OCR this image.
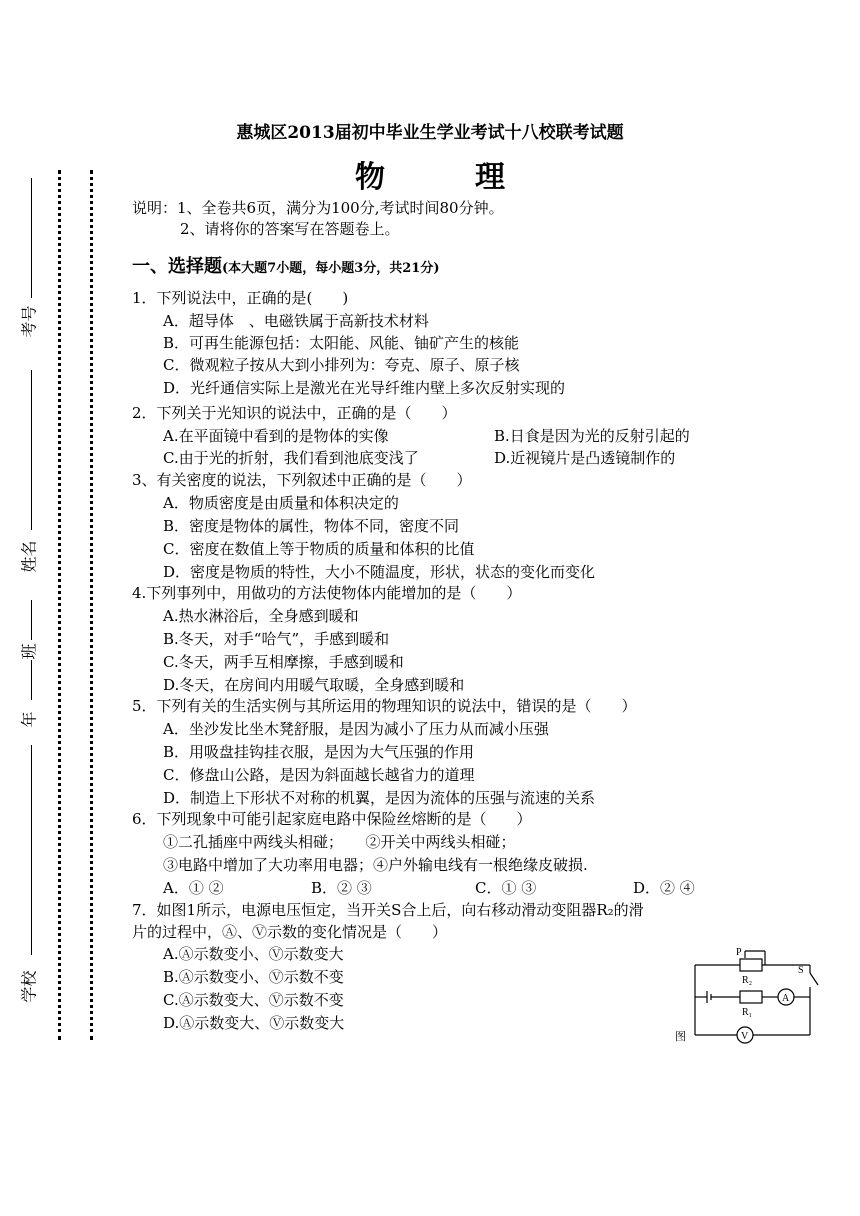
考号
姓名
班
年
学校
惠城区2013届初中毕业生学业考试十八校联考试题
物理
说明：1、全卷共6页，满分为100分,考试时间80分钟。
2、请将你的答案写在答题卷上。
一、选择题(本大题7小题，每小题3分，共21分)
1．下列说法中，正确的是(　　)
A．超导体　、电磁铁属于高新技术材料
B．可再生能源包括：太阳能、风能、铀矿产生的核能
C．微观粒子按从大到小排列为：夸克、原子、原子核
D．光纤通信实际上是激光在光导纤维内壁上多次反射实现的
2．下列关于光知识的说法中，正确的是（　　）
A.在平面镜中看到的是物体的实像	B.日食是因为光的反射引起的
C.由于光的折射，我们看到池底变浅了	D.近视镜片是凸透镜制作的
3、有关密度的说法，下列叙述中正确的是（　　）
A．物质密度是由质量和体积决定的
B．密度是物体的属性，物体不同，密度不同
C．密度在数值上等于物质的质量和体积的比值
D．密度是物质的特性，大小不随温度，形状，状态的变化而变化
4.下列事列中，用做功的方法使物体内能增加的是（　　）
A.热水淋浴后，全身感到暖和
B.冬天，对手“哈气”，手感到暖和
C.冬天，两手互相摩擦，手感到暖和
D.冬天，在房间内用暖气取暖，全身感到暖和
5．下列有关的生活实例与其所运用的物理知识的说法中，错误的是（　　）
A．坐沙发比坐木凳舒服，是因为减小了压力从而减小压强
B．用吸盘挂钩挂衣服，是因为大气压强的作用
C．修盘山公路，是因为斜面越长越省力的道理
D．制造上下形状不对称的机翼，是因为流体的压强与流速的关系
6．下列现象中可能引起家庭电路中保险丝熔断的是（　　）
①二孔插座中两线头相碰；　　②开关中两线头相碰；
③电路中增加了大功率用电器；④户外输电线有一根绝缘皮破损.
A．① ②	B．② ③	C．① ③	D．② ④
7．如图1所示，电源电压恒定，当开关S合上后，向右移动滑动变阻器R₂的滑
片的过程中，Ⓐ、Ⓥ示数的变化情况是（　　）
A.Ⓐ示数变小、Ⓥ示数变大
B.Ⓐ示数变小、Ⓥ示数不变
C.Ⓐ示数变大、Ⓥ示数不变
D.Ⓐ示数变大、Ⓥ示数变大
P
R₂
R₁
S
A
V
图
